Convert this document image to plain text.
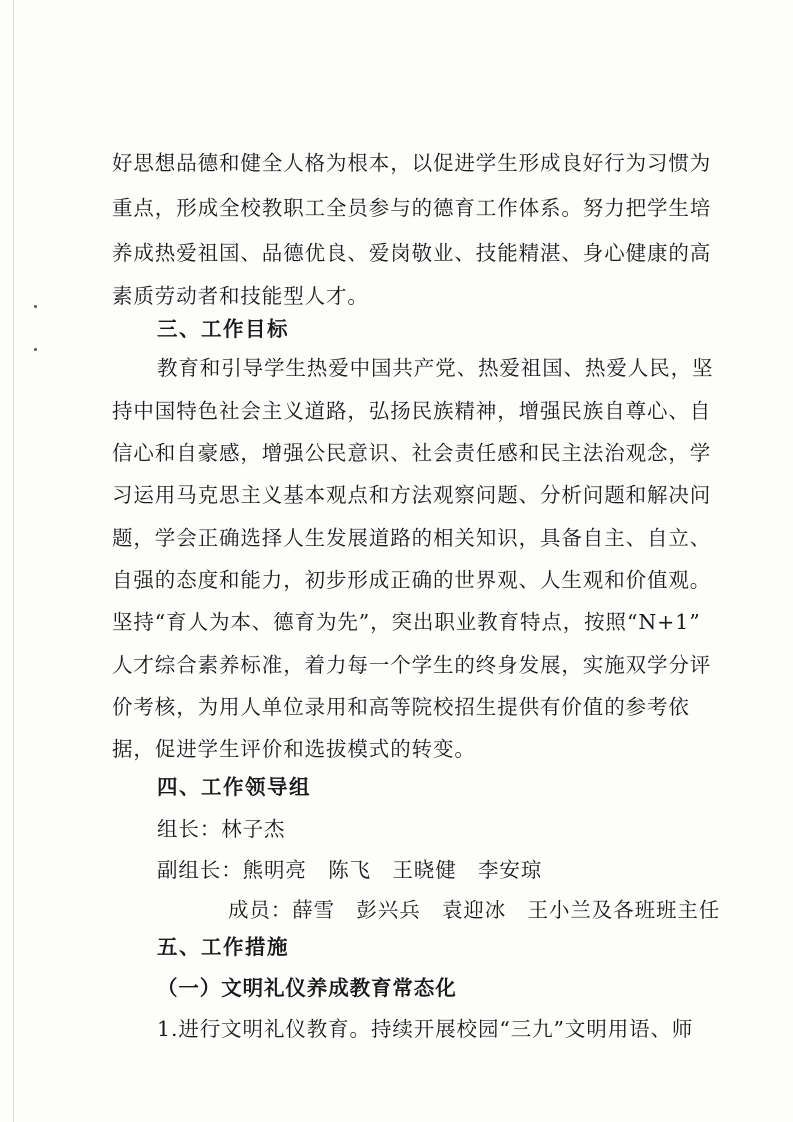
好思想品德和健全人格为根本，以促进学生形成良好行为习惯为
重点，形成全校教职工全员参与的德育工作体系。努力把学生培
养成热爱祖国、品德优良、爱岗敬业、技能精湛、身心健康的高
素质劳动者和技能型人才。
三、工作目标
教育和引导学生热爱中国共产党、热爱祖国、热爱人民，坚
持中国特色社会主义道路，弘扬民族精神，增强民族自尊心、自
信心和自豪感，增强公民意识、社会责任感和民主法治观念，学
习运用马克思主义基本观点和方法观察问题、分析问题和解决问
题，学会正确选择人生发展道路的相关知识，具备自主、自立、
自强的态度和能力，初步形成正确的世界观、人生观和价值观。
坚持“育人为本、德育为先”，突出职业教育特点，按照“N+1”
人才综合素养标准，着力每一个学生的终身发展，实施双学分评
价考核，为用人单位录用和高等院校招生提供有价值的参考依
据，促进学生评价和选拔模式的转变。
四、工作领导组
组长：林子杰
副组长：熊明亮　陈飞　王晓健　李安琼
成员：薛雪　彭兴兵　袁迎冰　王小兰及各班班主任
五、工作措施
（一）文明礼仪养成教育常态化
1.进行文明礼仪教育。持续开展校园“三九”文明用语、师
